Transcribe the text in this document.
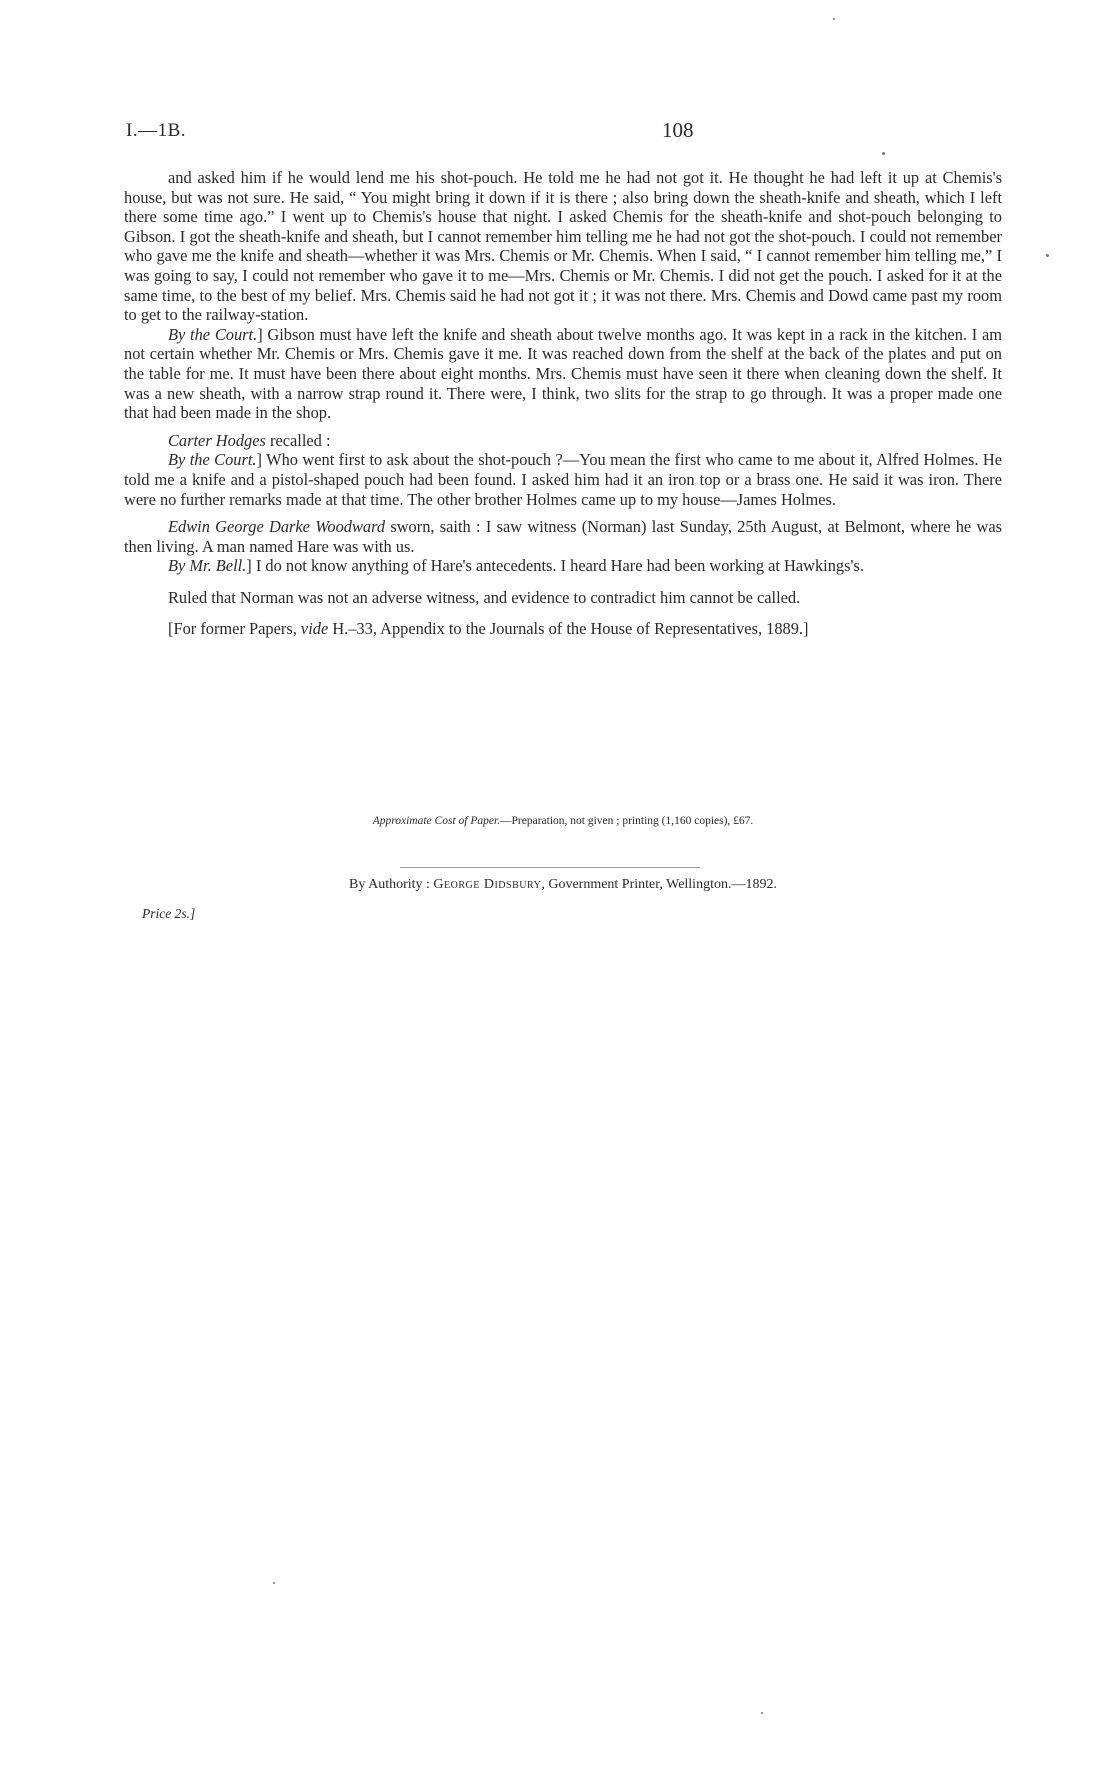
I.—1B.	108

and asked him if he would lend me his shot-pouch. He told me he had not got it. He thought he had left it up at Chemis's house, but was not sure. He said, “ You might bring it down if it is there ; also bring down the sheath-knife and sheath, which I left there some time ago.” I went up to Chemis's house that night. I asked Chemis for the sheath-knife and shot-pouch belonging to Gibson. I got the sheath-knife and sheath, but I cannot remember him telling me he had not got the shot-pouch. I could not remember who gave me the knife and sheath—whether it was Mrs. Chemis or Mr. Chemis. When I said, “ I cannot remember him telling me,” I was going to say, I could not remember who gave it to me—Mrs. Chemis or Mr. Chemis. I did not get the pouch. I asked for it at the same time, to the best of my belief. Mrs. Chemis said he had not got it ; it was not there. Mrs. Chemis and Dowd came past my room to get to the railway-station.

By the Court.] Gibson must have left the knife and sheath about twelve months ago. It was kept in a rack in the kitchen. I am not certain whether Mr. Chemis or Mrs. Chemis gave it me. It was reached down from the shelf at the back of the plates and put on the table for me. It must have been there about eight months. Mrs. Chemis must have seen it there when cleaning down the shelf. It was a new sheath, with a narrow strap round it. There were, I think, two slits for the strap to go through. It was a proper made one that had been made in the shop.

Carter Hodges recalled :

By the Court.] Who went first to ask about the shot-pouch ?—You mean the first who came to me about it, Alfred Holmes. He told me a knife and a pistol-shaped pouch had been found. I asked him had it an iron top or a brass one. He said it was iron. There were no further remarks made at that time. The other brother Holmes came up to my house—James Holmes.

Edwin George Darke Woodward sworn, saith : I saw witness (Norman) last Sunday, 25th August, at Belmont, where he was then living. A man named Hare was with us.

By Mr. Bell.] I do not know anything of Hare's antecedents. I heard Hare had been working at Hawkings's.

Ruled that Norman was not an adverse witness, and evidence to contradict him cannot be called.

[For former Papers, vide H.–33, Appendix to the Journals of the House of Representatives, 1889.]

Approximate Cost of Paper.—Preparation, not given ; printing (1,160 copies), £67.
By Authority : George Didsbury, Government Printer, Wellington.—1892.
Price 2s.]
